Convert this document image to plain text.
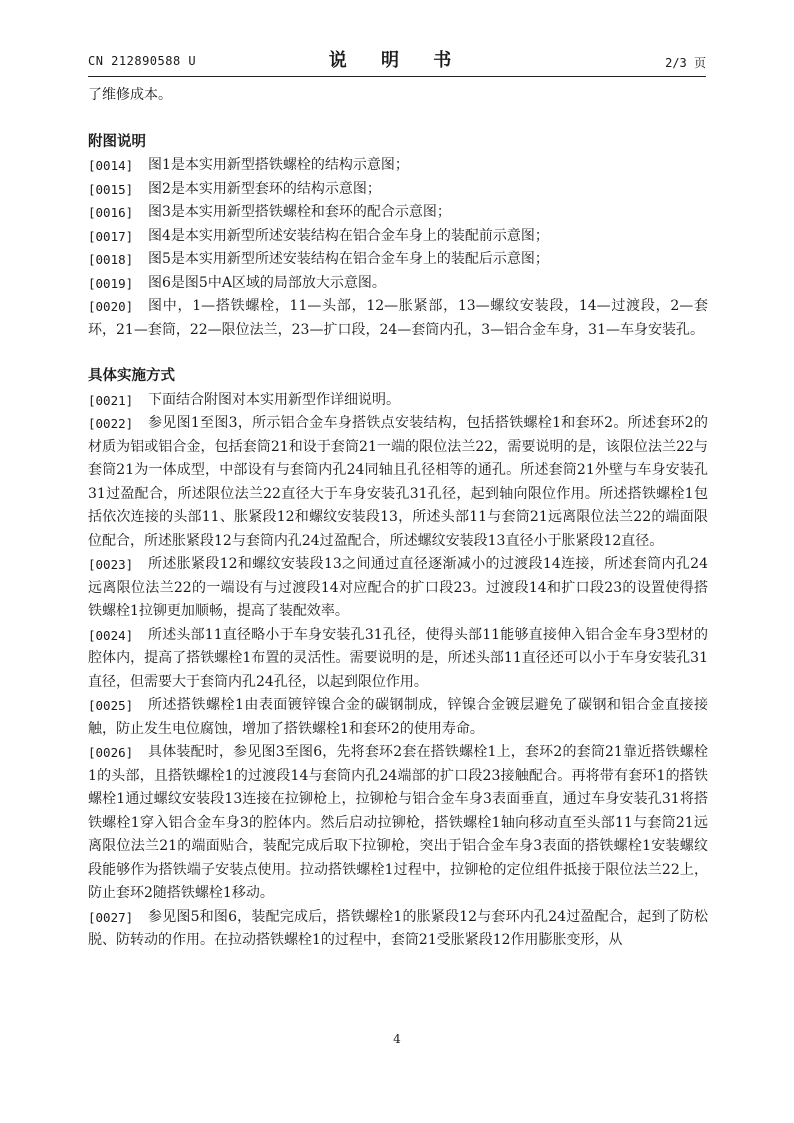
CN 212890588 U	说 明 书	2/3 页
了维修成本。
附图说明
[0014]	图1是本实用新型搭铁螺栓的结构示意图；
[0015]	图2是本实用新型套环的结构示意图；
[0016]	图3是本实用新型搭铁螺栓和套环的配合示意图；
[0017]	图4是本实用新型所述安装结构在铝合金车身上的装配前示意图；
[0018]	图5是本实用新型所述安装结构在铝合金车身上的装配后示意图；
[0019]	图6是图5中A区域的局部放大示意图。
[0020]	图中，1—搭铁螺栓，11—头部，12—胀紧部，13—螺纹安装段，14—过渡段，2—套环，21—套筒，22—限位法兰，23—扩口段，24—套筒内孔，3—铝合金车身，31—车身安装孔。
具体实施方式
[0021]	下面结合附图对本实用新型作详细说明。
[0022]	参见图1至图3，所示铝合金车身搭铁点安装结构，包括搭铁螺栓1和套环2。所述套环2的材质为铝或铝合金，包括套筒21和设于套筒21一端的限位法兰22，需要说明的是，该限位法兰22与套筒21为一体成型，中部设有与套筒内孔24同轴且孔径相等的通孔。所述套筒21外壁与车身安装孔31过盈配合，所述限位法兰22直径大于车身安装孔31孔径，起到轴向限位作用。所述搭铁螺栓1包括依次连接的头部11、胀紧段12和螺纹安装段13，所述头部11与套筒21远离限位法兰22的端面限位配合，所述胀紧段12与套筒内孔24过盈配合，所述螺纹安装段13直径小于胀紧段12直径。
[0023]	所述胀紧段12和螺纹安装段13之间通过直径逐渐减小的过渡段14连接，所述套筒内孔24远离限位法兰22的一端设有与过渡段14对应配合的扩口段23。过渡段14和扩口段23的设置使得搭铁螺栓1拉铆更加顺畅，提高了装配效率。
[0024]	所述头部11直径略小于车身安装孔31孔径，使得头部11能够直接伸入铝合金车身3型材的腔体内，提高了搭铁螺栓1布置的灵活性。需要说明的是，所述头部11直径还可以小于车身安装孔31直径，但需要大于套筒内孔24孔径，以起到限位作用。
[0025]	所述搭铁螺栓1由表面镀锌镍合金的碳钢制成，锌镍合金镀层避免了碳钢和铝合金直接接触，防止发生电位腐蚀，增加了搭铁螺栓1和套环2的使用寿命。
[0026]	具体装配时，参见图3至图6，先将套环2套在搭铁螺栓1上，套环2的套筒21靠近搭铁螺栓1的头部，且搭铁螺栓1的过渡段14与套筒内孔24端部的扩口段23接触配合。再将带有套环1的搭铁螺栓1通过螺纹安装段13连接在拉铆枪上，拉铆枪与铝合金车身3表面垂直，通过车身安装孔31将搭铁螺栓1穿入铝合金车身3的腔体内。然后启动拉铆枪，搭铁螺栓1轴向移动直至头部11与套筒21远离限位法兰21的端面贴合，装配完成后取下拉铆枪，突出于铝合金车身3表面的搭铁螺栓1安装螺纹段能够作为搭铁端子安装点使用。拉动搭铁螺栓1过程中，拉铆枪的定位组件抵接于限位法兰22上，防止套环2随搭铁螺栓1移动。
[0027]	参见图5和图6，装配完成后，搭铁螺栓1的胀紧段12与套环内孔24过盈配合，起到了防松脱、防转动的作用。在拉动搭铁螺栓1的过程中，套筒21受胀紧段12作用膨胀变形，从
4
